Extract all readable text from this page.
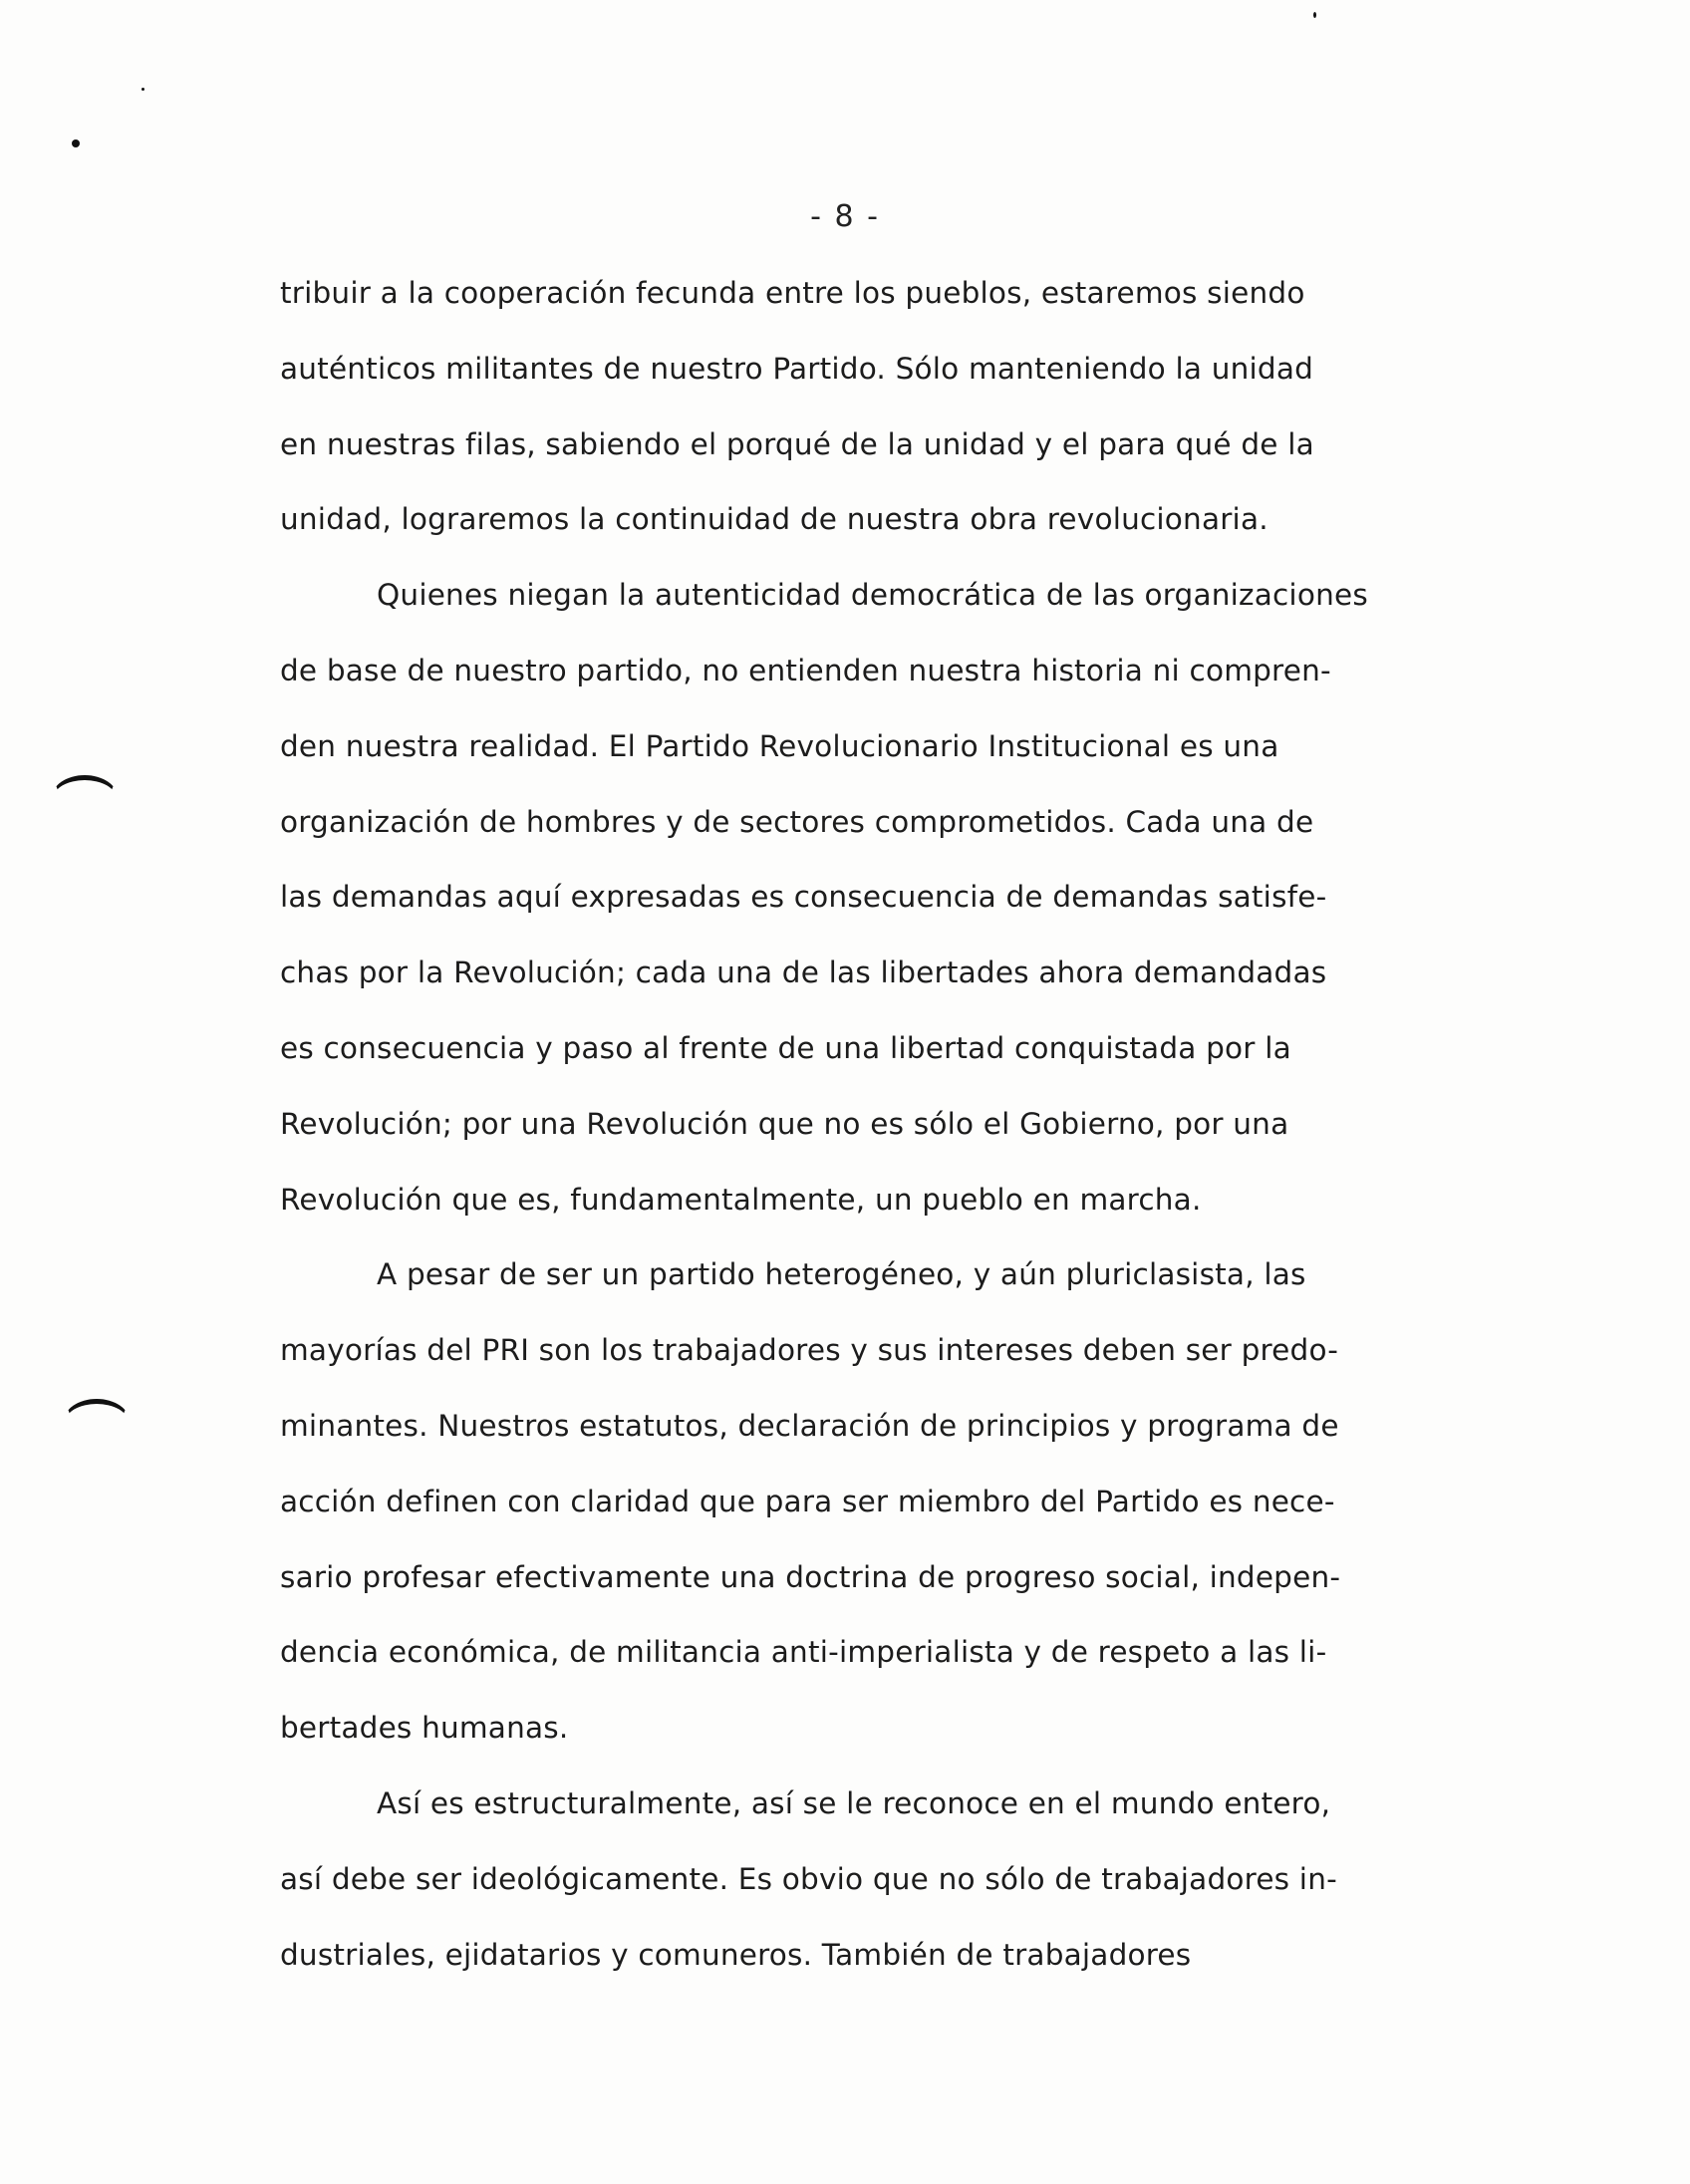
- 8 -
tribuir a la cooperación fecunda entre los pueblos, estaremos siendo
auténticos militantes de nuestro Partido. Sólo manteniendo la unidad
en nuestras filas, sabiendo el porqué de la unidad y el para qué de la
unidad, lograremos la continuidad de nuestra obra revolucionaria.
Quienes niegan la autenticidad democrática de las organizaciones
de base de nuestro partido, no entienden nuestra historia ni compren-
den nuestra realidad. El Partido Revolucionario Institucional es una
organización de hombres y de sectores comprometidos. Cada una de
las demandas aquí expresadas es consecuencia de demandas satisfe-
chas por la Revolución; cada una de las libertades ahora demandadas
es consecuencia y paso al frente de una libertad conquistada por la
Revolución; por una Revolución que no es sólo el Gobierno, por una
Revolución que es, fundamentalmente, un pueblo en marcha.
A pesar de ser un partido heterogéneo, y aún pluriclasista, las
mayorías del PRI son los trabajadores y sus intereses deben ser predo-
minantes. Nuestros estatutos, declaración de principios y programa de
acción definen con claridad que para ser miembro del Partido es nece-
sario profesar efectivamente una doctrina de progreso social, indepen-
dencia económica, de militancia anti-imperialista y de respeto a las li-
bertades humanas.
Así es estructuralmente, así se le reconoce en el mundo entero,
así debe ser ideológicamente. Es obvio que no sólo de trabajadores in-
dustriales, ejidatarios y comuneros. También de trabajadores
